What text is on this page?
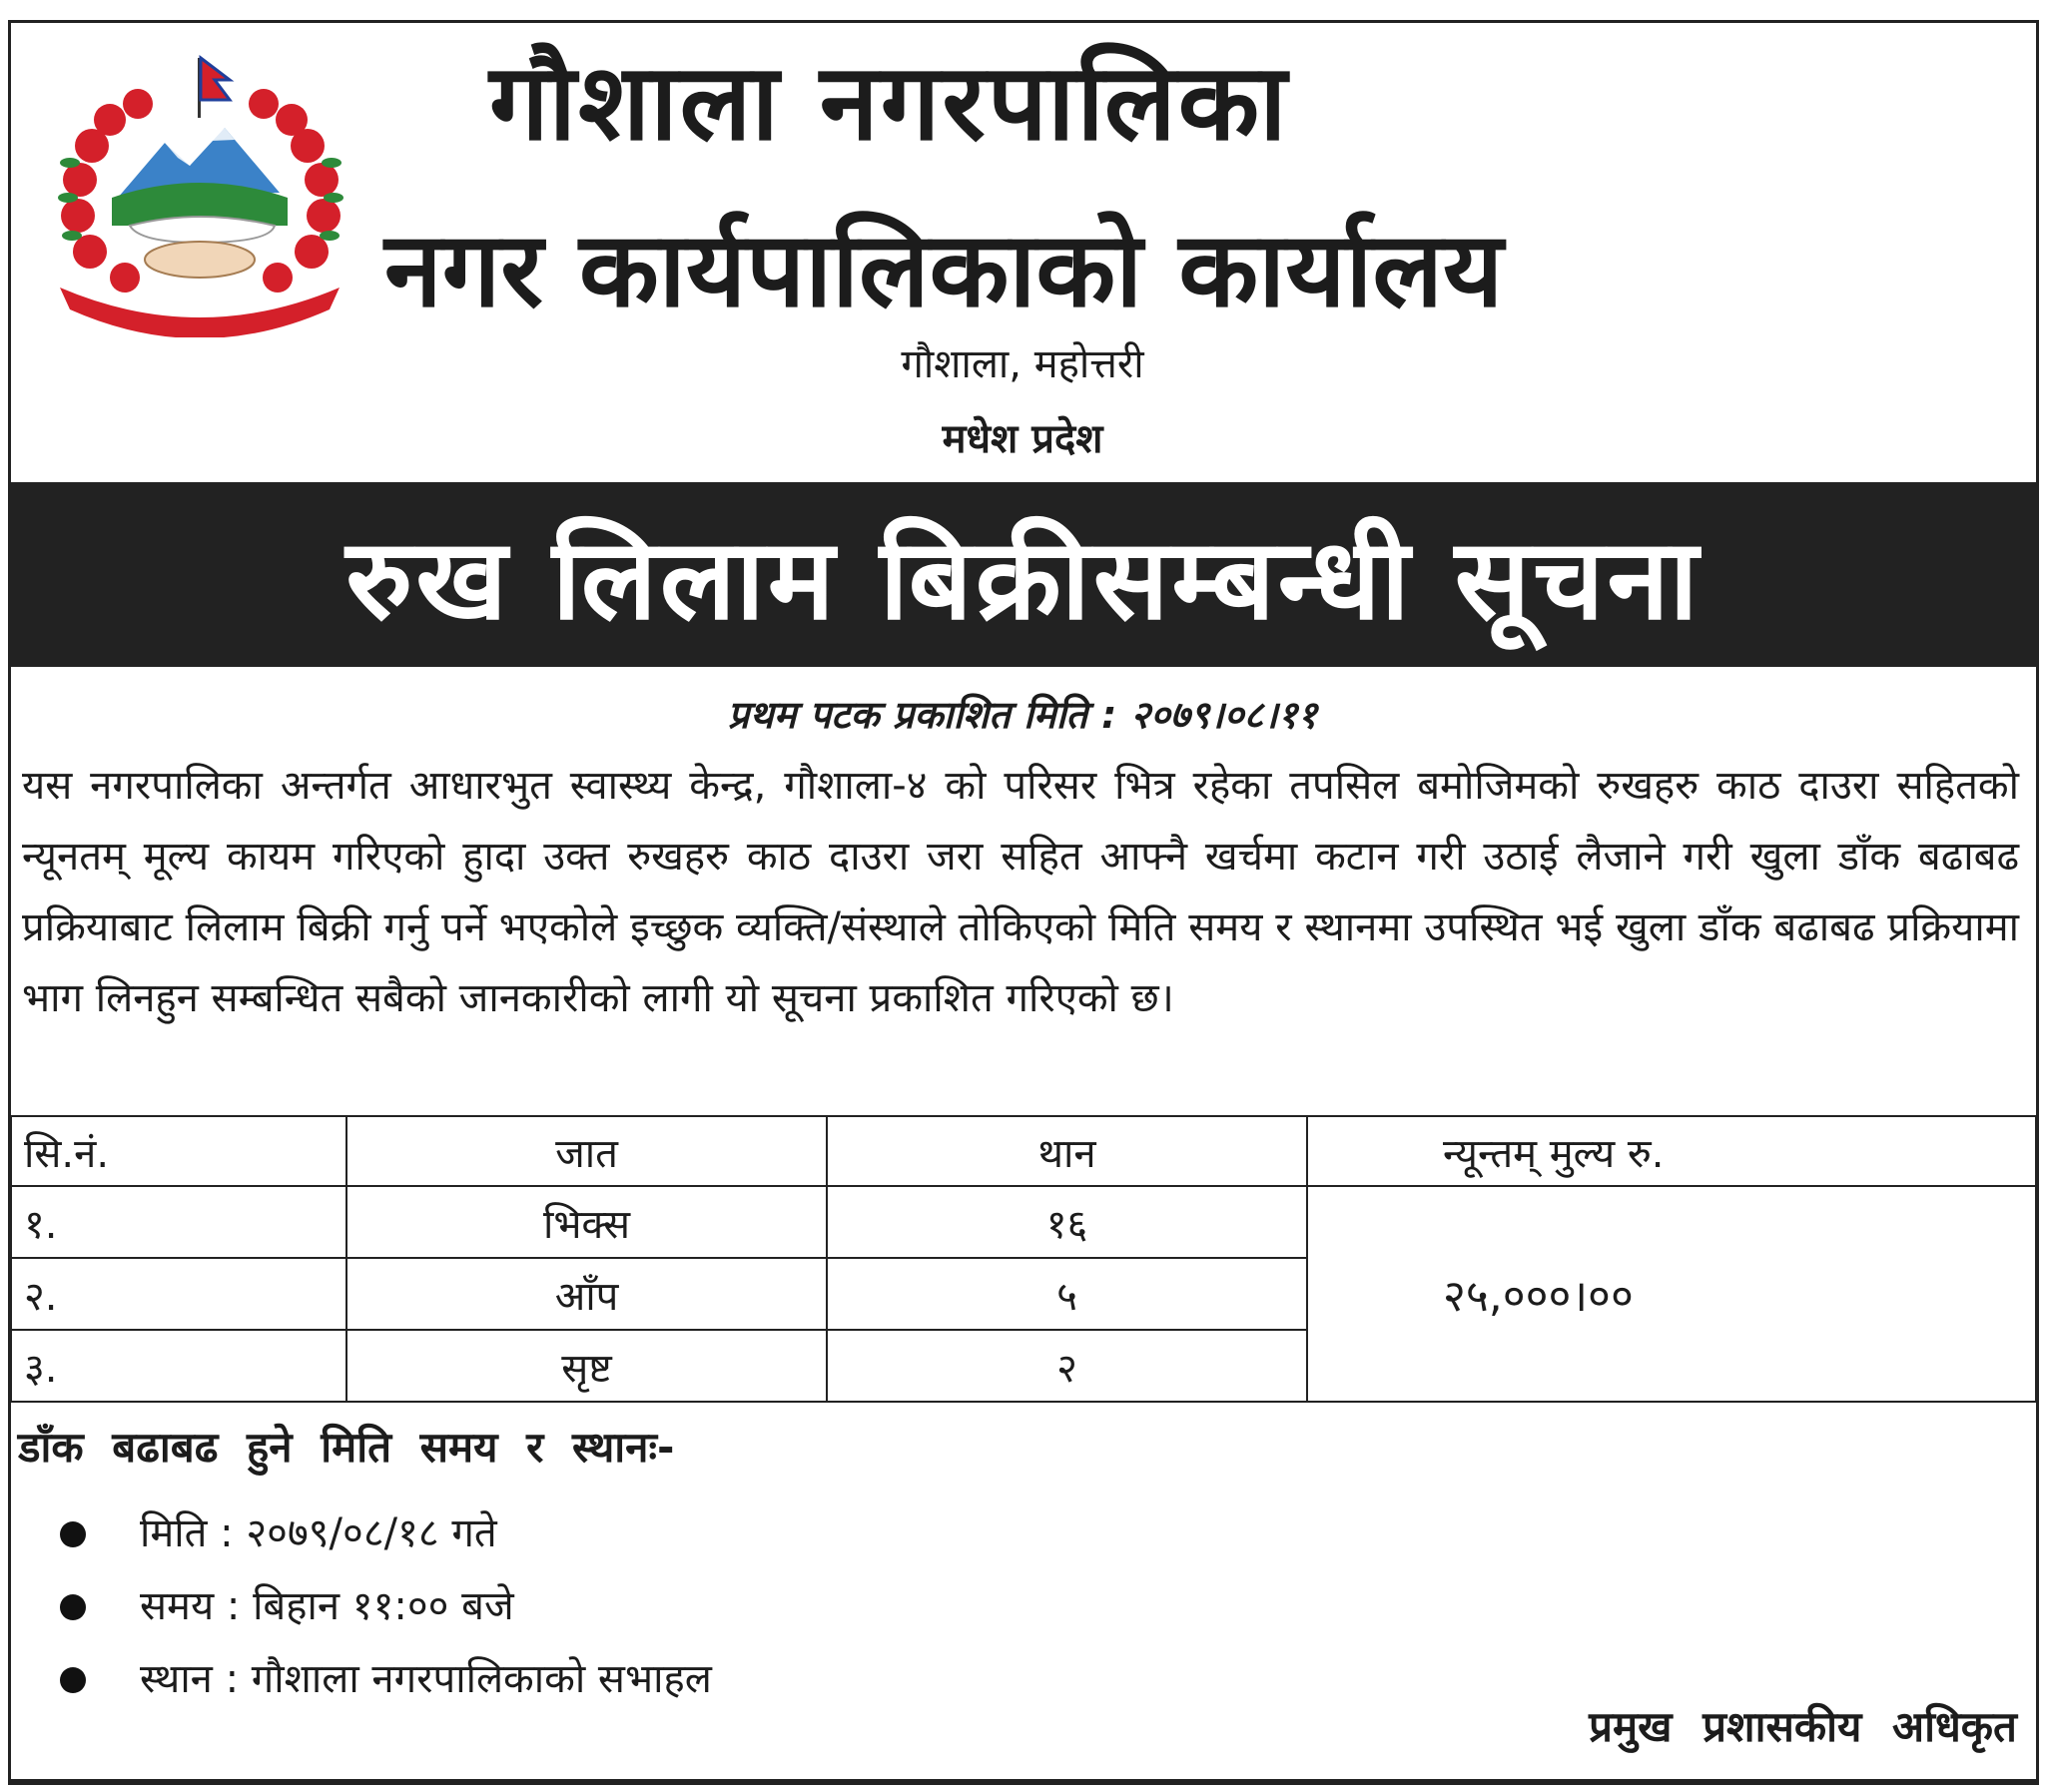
नेपाल सरकार
गौशाला नगरपालिका
नगर कार्यपालिकाको कार्यालय
गौशाला, महोत्तरी
मधेश प्रदेश
रुख लिलाम बिक्रीसम्बन्धी सूचना
प्रथम पटक प्रकाशित मिति : २०७९।०८।११
यस नगरपालिका अन्तर्गत आधारभुत स्वास्थ्य केन्द्र, गौशाला-४ को परिसर भित्र रहेका तपसिल बमोजिमको रुखहरु काठ दाउरा सहितको न्यूनतम् मूल्य कायम गरिएको हुादा उक्त रुखहरु काठ दाउरा जरा सहित आफ्नै खर्चमा कटान गरी उठाई लैजाने गरी खुला डाँक बढाबढ प्रक्रियाबाट लिलाम बिक्री गर्नु पर्ने भएकोले इच्छुक व्यक्ति/संस्थाले तोकिएको मिति समय र स्थानमा उपस्थित भई खुला डाँक बढाबढ प्रक्रियामा भाग लिनहुन सम्बन्धित सबैको जानकारीको लागी यो सूचना प्रकाशित गरिएको छ।
सि.नं.	जात	थान	न्यून्तम् मुल्य रु.
१.	भिक्स	१६	२५,०००।००
२.	आँप	५	
३.	सृष्ट	२	
डाँक बढाबढ हुने मिति समय र स्थानः-
मिति : २०७९/०८/१८ गते
समय : बिहान ११:०० बजे
स्थान : गौशाला नगरपालिकाको सभाहल
प्रमुख प्रशासकीय अधिकृत
